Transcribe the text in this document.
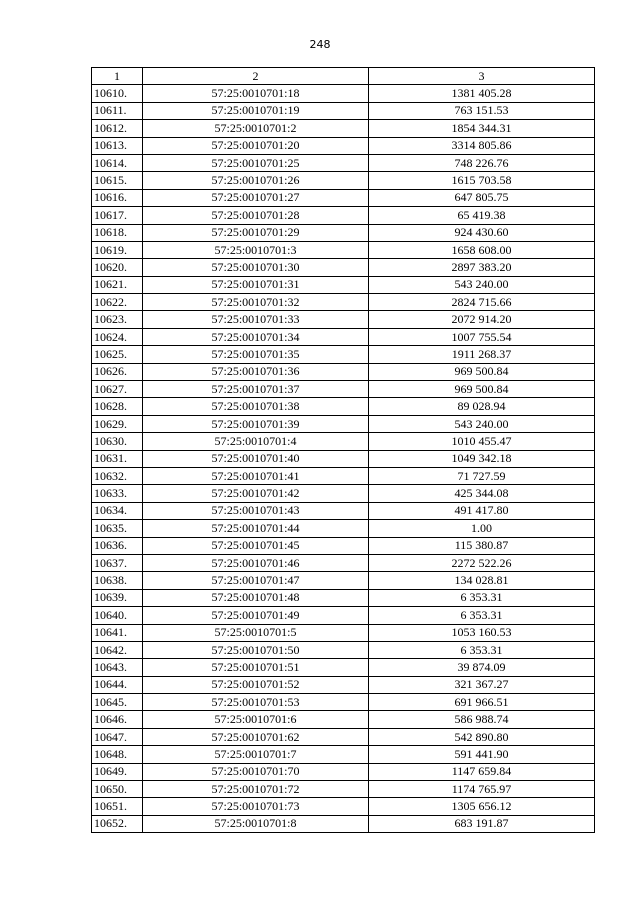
248
1	2	3
10610.	57:25:0010701:18	1381 405.28
10611.	57:25:0010701:19	763 151.53
10612.	57:25:0010701:2	1854 344.31
10613.	57:25:0010701:20	3314 805.86
10614.	57:25:0010701:25	748 226.76
10615.	57:25:0010701:26	1615 703.58
10616.	57:25:0010701:27	647 805.75
10617.	57:25:0010701:28	65 419.38
10618.	57:25:0010701:29	924 430.60
10619.	57:25:0010701:3	1658 608.00
10620.	57:25:0010701:30	2897 383.20
10621.	57:25:0010701:31	543 240.00
10622.	57:25:0010701:32	2824 715.66
10623.	57:25:0010701:33	2072 914.20
10624.	57:25:0010701:34	1007 755.54
10625.	57:25:0010701:35	1911 268.37
10626.	57:25:0010701:36	969 500.84
10627.	57:25:0010701:37	969 500.84
10628.	57:25:0010701:38	89 028.94
10629.	57:25:0010701:39	543 240.00
10630.	57:25:0010701:4	1010 455.47
10631.	57:25:0010701:40	1049 342.18
10632.	57:25:0010701:41	71 727.59
10633.	57:25:0010701:42	425 344.08
10634.	57:25:0010701:43	491 417.80
10635.	57:25:0010701:44	1.00
10636.	57:25:0010701:45	115 380.87
10637.	57:25:0010701:46	2272 522.26
10638.	57:25:0010701:47	134 028.81
10639.	57:25:0010701:48	6 353.31
10640.	57:25:0010701:49	6 353.31
10641.	57:25:0010701:5	1053 160.53
10642.	57:25:0010701:50	6 353.31
10643.	57:25:0010701:51	39 874.09
10644.	57:25:0010701:52	321 367.27
10645.	57:25:0010701:53	691 966.51
10646.	57:25:0010701:6	586 988.74
10647.	57:25:0010701:62	542 890.80
10648.	57:25:0010701:7	591 441.90
10649.	57:25:0010701:70	1147 659.84
10650.	57:25:0010701:72	1174 765.97
10651.	57:25:0010701:73	1305 656.12
10652.	57:25:0010701:8	683 191.87
